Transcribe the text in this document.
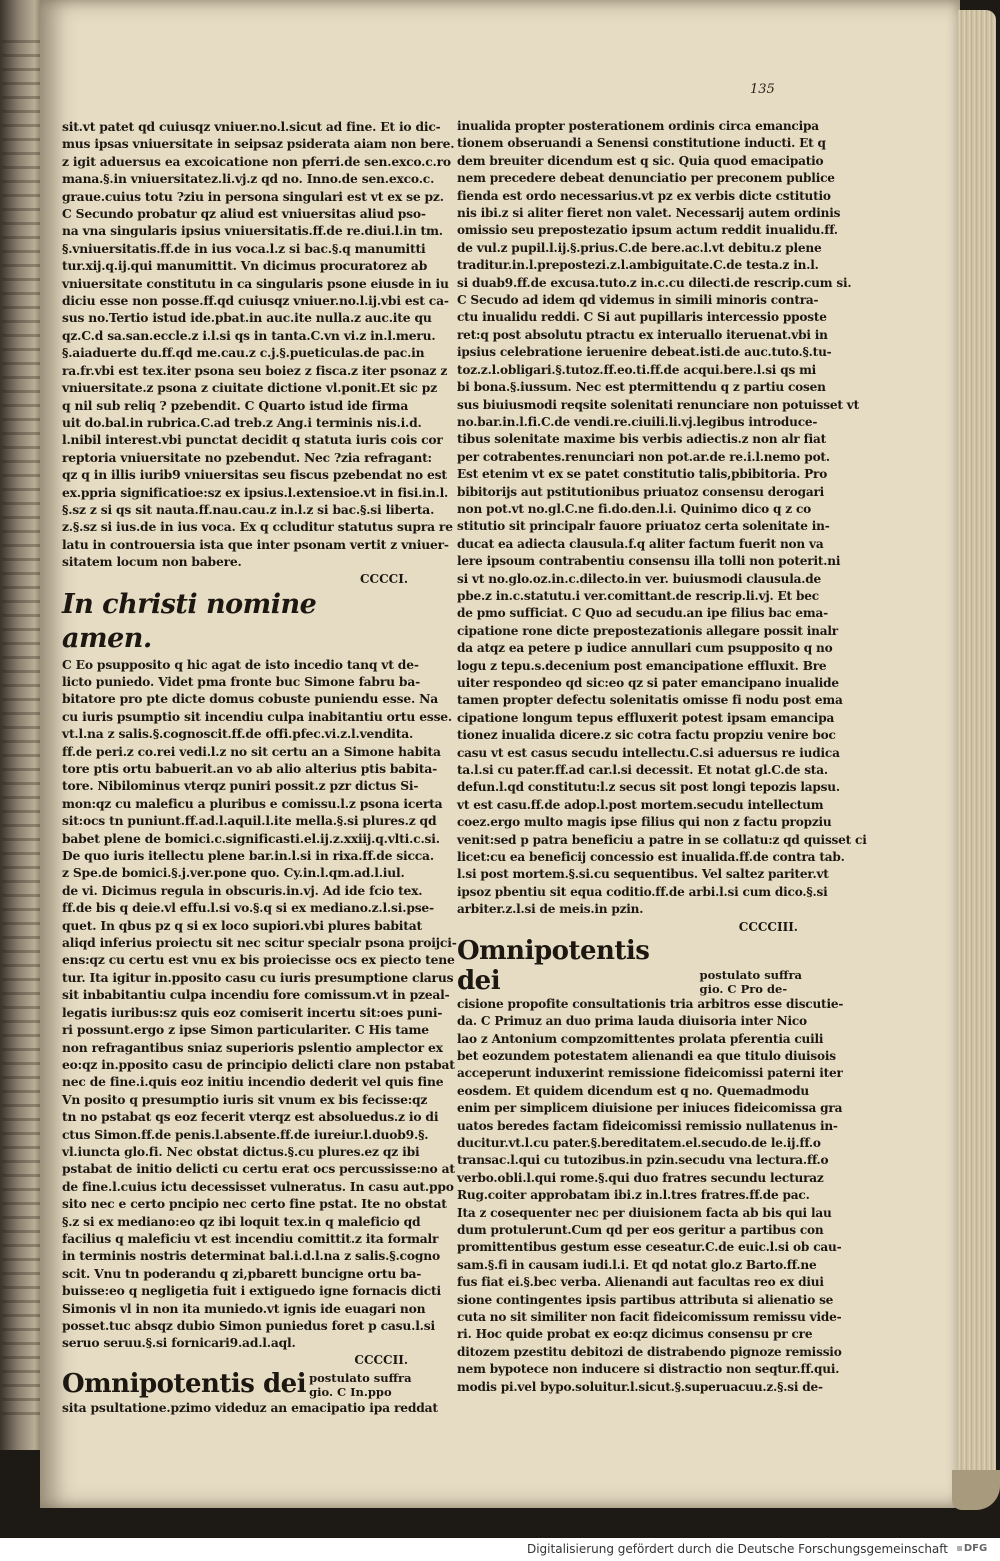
135
sit.vt patet qd cuiusqz vniuer.no.l.sicut ad fine. Et io dic-
mus ipsas vniuersitate in seipsaz psiderata aiam non bere.
z igit aduersus ea excoicatione non pferri.de sen.exco.c.ro
mana.§.in vniuersitatez.li.vj.z qd no. Inno.de sen.exco.c.
graue.cuius totu ?ziu in persona singulari est vt ex se pz.
C Secundo probatur qz aliud est vniuersitas aliud pso-
na vna singularis ipsius vniuersitatis.ff.de re.diui.l.in tm.
§.vniuersitatis.ff.de in ius voca.l.z si bac.§.q manumitti
tur.xij.q.ij.qui manumittit. Vn dicimus procuratorez ab
vniuersitate constitutu in ca singularis psone eiusde in iu
diciu esse non posse.ff.qd cuiusqz vniuer.no.l.ij.vbi est ca-
sus no.Tertio istud ide.pbat.in auc.ite nulla.z auc.ite qu
qz.C.d sa.san.eccle.z i.l.si qs in tanta.C.vn vi.z in.l.meru.
§.aiaduerte du.ff.qd me.cau.z c.j.§.pueticulas.de pac.in
ra.fr.vbi est tex.iter psona seu boiez z fisca.z iter psonaz z
vniuersitate.z psona z ciuitate dictione vl.ponit.Et sic pz
q nil sub reliq ? pzebendit. C Quarto istud ide firma
uit do.bal.in rubrica.C.ad treb.z Ang.i terminis nis.i.d.
l.nibil interest.vbi punctat decidit q statuta iuris cois cor
reptoria vniuersitate no pzebendut. Nec ?zia refragant:
qz q in illis iurib9 vniuersitas seu fiscus pzebendat no est
ex.ppria significatioe:sz ex ipsius.l.extensioe.vt in fisi.in.l.
§.sz z si qs sit nauta.ff.nau.cau.z in.l.z si bac.§.si liberta.
z.§.sz si ius.de in ius voca. Ex q ccluditur statutus supra re
latu in controuersia ista que inter psonam vertit z vniuer-
sitatem locum non babere.
CCCCI.
In christi nomine amen.
C Eo psupposito q hic agat de isto incedio tanq vt de-
licto puniedo. Videt pma fronte buc Simone fabru ba-
bitatore pro pte dicte domus cobuste puniendu esse. Na
cu iuris psumptio sit incendiu culpa inabitantiu ortu esse.
vt.l.na z salis.§.cognoscit.ff.de offi.pfec.vi.z.l.vendita.
ff.de peri.z co.rei vedi.l.z no sit certu an a Simone habita
tore ptis ortu babuerit.an vo ab alio alterius ptis babita-
tore. Nibilominus vterqz puniri possit.z pzr dictus Si-
mon:qz cu maleficu a pluribus e comissu.l.z psona icerta
sit:ocs tn puniunt.ff.ad.l.aquil.l.ite mella.§.si plures.z qd
babet plene de bomici.c.significasti.el.ij.z.xxiij.q.vlti.c.si.
De quo iuris itellectu plene bar.in.l.si in rixa.ff.de sicca.
z Spe.de bomici.§.j.ver.pone quo. Cy.in.l.qm.ad.l.iul.
de vi. Dicimus regula in obscuris.in.vj. Ad ide fcio tex.
ff.de bis q deie.vl effu.l.si vo.§.q si ex mediano.z.l.si.pse-
quet. In qbus pz q si ex loco supiori.vbi plures babitat
aliqd inferius proiectu sit nec scitur specialr psona proijci-
ens:qz cu certu est vnu ex bis proiecisse ocs ex piecto tene
tur. Ita igitur in.pposito casu cu iuris presumptione clarus
sit inbabitantiu culpa incendiu fore comissum.vt in pzeal-
legatis iuribus:sz quis eoz comiserit incertu sit:oes puni-
ri possunt.ergo z ipse Simon particulariter. C His tame
non refragantibus sniaz superioris pslentio amplector ex
eo:qz in.pposito casu de principio delicti clare non pstabat
nec de fine.i.quis eoz initiu incendio dederit vel quis fine
Vn posito q presumptio iuris sit vnum ex bis fecisse:qz
tn no pstabat qs eoz fecerit vterqz est absoluedus.z io di
ctus Simon.ff.de penis.l.absente.ff.de iureiur.l.duob9.§.
vl.iuncta glo.fi. Nec obstat dictus.§.cu plures.ez qz ibi
pstabat de initio delicti cu certu erat ocs percussisse:no at
de fine.l.cuius ictu decessisset vulneratus. In casu aut.ppo
sito nec e certo pncipio nec certo fine pstat. Ite no obstat
§.z si ex mediano:eo qz ibi loquit tex.in q maleficio qd
facilius q maleficiu vt est incendiu comittit.z ita formalr
in terminis nostris determinat bal.i.d.l.na z salis.§.cogno
scit. Vnu tn poderandu q zi,pbarett buncigne ortu ba-
buisse:eo q negligetia fuit i extiguedo igne fornacis dicti
Simonis vl in non ita muniedo.vt ignis ide euagari non
posset.tuc absqz dubio Simon puniedus foret p casu.l.si
seruo seruu.§.si fornicari9.ad.l.aql.
CCCCII.
Omnipotentis dei postulato suffra
gio. C In.ppo
sita psultatione.pzimo videduz an emacipatio ipa reddat
inualida propter posterationem ordinis circa emancipa
tionem obseruandi a Senensi constitutione inducti. Et q
dem breuiter dicendum est q sic. Quia quod emacipatio
nem precedere debeat denunciatio per preconem publice
fienda est ordo necessarius.vt pz ex verbis dicte cstitutio
nis ibi.z si aliter fieret non valet. Necessarij autem ordinis
omissio seu prepostezatio ipsum actum reddit inualidu.ff.
de vul.z pupil.l.ij.§.prius.C.de bere.ac.l.vt debitu.z plene
traditur.in.l.prepostezi.z.l.ambiguitate.C.de testa.z in.l.
si duab9.ff.de excusa.tuto.z in.c.cu dilecti.de rescrip.cum si.
C Secudo ad idem qd videmus in simili minoris contra-
ctu inualidu reddi. C Si aut pupillaris intercessio pposte
ret:q post absolutu ptractu ex interuallo iteruenat.vbi in
ipsius celebratione ieruenire debeat.isti.de auc.tuto.§.tu-
toz.z.l.obligari.§.tutoz.ff.eo.ti.ff.de acqui.bere.l.si qs mi
bi bona.§.iussum. Nec est ptermittendu q z partiu cosen
sus biuiusmodi reqsite solenitati renunciare non potuisset vt
no.bar.in.l.fi.C.de vendi.re.ciuili.li.vj.legibus introduce-
tibus solenitate maxime bis verbis adiectis.z non alr fiat
per cotrabentes.renunciari non pot.ar.de re.i.l.nemo pot.
Est etenim vt ex se patet constitutio talis,pbibitoria. Pro
bibitorijs aut pstitutionibus priuatoz consensu derogari
non pot.vt no.gl.C.ne fi.do.den.l.i. Quinimo dico q z co
stitutio sit principalr fauore priuatoz certa solenitate in-
ducat ea adiecta clausula.f.q aliter factum fuerit non va
lere ipsoum contrabentiu consensu illa tolli non poterit.ni
si vt no.glo.oz.in.c.dilecto.in ver. buiusmodi clausula.de
pbe.z in.c.statutu.i ver.comittant.de rescrip.li.vj. Et bec
de pmo sufficiat. C Quo ad secudu.an ipe filius bac ema-
cipatione rone dicte prepostezationis allegare possit inalr
da atqz ea petere p iudice annullari cum psupposito q no
logu z tepu.s.decenium post emancipatione effluxit. Bre
uiter respondeo qd sic:eo qz si pater emancipano inualide
tamen propter defectu solenitatis omisse fi nodu post ema
cipatione longum tepus effluxerit potest ipsam emancipa
tionez inualida dicere.z sic cotra factu propziu venire boc
casu vt est casus secudu intellectu.C.si aduersus re iudica
ta.l.si cu pater.ff.ad car.l.si decessit. Et notat gl.C.de sta.
defun.l.qd constitutu:l.z secus sit post longi tepozis lapsu.
vt est casu.ff.de adop.l.post mortem.secudu intellectum
coez.ergo multo magis ipse filius qui non z factu propziu
venit:sed p patra beneficiu a patre in se collatu:z qd quisset ci
licet:cu ea beneficij concessio est inualida.ff.de contra tab.
l.si post mortem.§.si.cu sequentibus. Vel saltez pariter.vt
ipsoz pbentiu sit equa coditio.ff.de arbi.l.si cum dico.§.si
arbiter.z.l.si de meis.in pzin.
CCCCIII.
Omnipotentis dei	postulato suffra
gio. C Pro de-
cisione propofite consultationis tria arbitros esse discutie-
da. C Primuz an duo prima lauda diuisoria inter Nico
lao z Antonium compzomittentes prolata pferentia cuili
bet eozundem potestatem alienandi ea que titulo diuisois
acceperunt induxerint remissione fideicomissi paterni iter
eosdem. Et quidem dicendum est q no. Quemadmodu
enim per simplicem diuisione per iniuces fideicomissa gra
uatos beredes factam fideicomissi remissio nullatenus in-
ducitur.vt.l.cu pater.§.bereditatem.el.secudo.de le.ij.ff.o
transac.l.qui cu tutozibus.in pzin.secudu vna lectura.ff.o
verbo.obli.l.qui rome.§.qui duo fratres secundu lecturaz
Rug.coiter approbatam ibi.z in.l.tres fratres.ff.de pac.
Ita z cosequenter nec per diuisionem facta ab bis qui lau
dum protulerunt.Cum qd per eos geritur a partibus con
promittentibus gestum esse ceseatur.C.de euic.l.si ob cau-
sam.§.fi in causam iudi.l.i. Et qd notat glo.z Barto.ff.ne
fus fiat ei.§.bec verba. Alienandi aut facultas reo ex diui
sione contingentes ipsis partibus attributa si alienatio se
cuta no sit similiter non facit fideicomissum remissu vide-
ri. Hoc quide probat ex eo:qz dicimus consensu pr cre
ditozem pzestitu debitozi de distrabendo pignoze remissio
nem bypotece non inducere si distractio non seqtur.ff.qui.
modis pi.vel bypo.soluitur.l.sicut.§.superuacuu.z.§.si de-
Digitalisierung gefördert durch die Deutsche Forschungsgemeinschaft	DFG
